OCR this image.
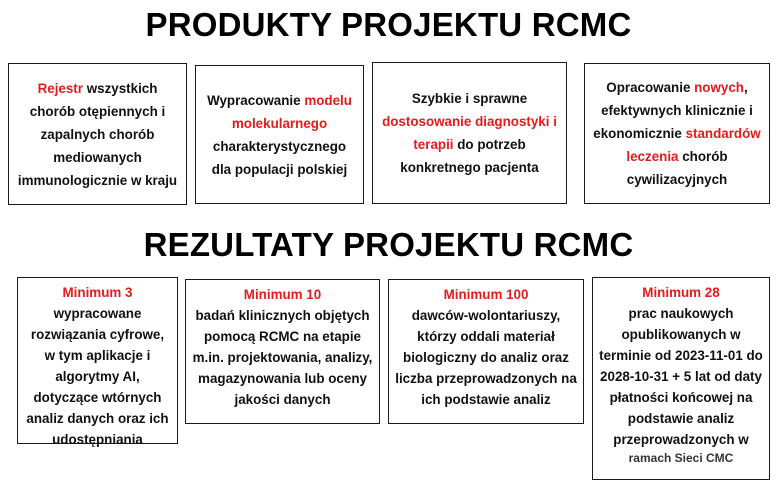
PRODUKTY PROJEKTU RCMC
Rejestr wszystkich chorób otępiennych i zapalnych chorób mediowanych immunologicznie w kraju
Wypracowanie modelu molekularnego charakterystycznego dla populacji polskiej
Szybkie i sprawne dostosowanie diagnostyki i terapii do potrzeb konkretnego pacjenta
Opracowanie nowych, efektywnych klinicznie i ekonomicznie standardów leczenia chorób cywilizacyjnych
REZULTATY PROJEKTU RCMC
Minimum 3
wypracowane rozwiązania cyfrowe, w tym aplikacje i algorytmy AI, dotyczące wtórnych analiz danych oraz ich udostępniania
Minimum 10
badań klinicznych objętych pomocą RCMC na etapie m.in. projektowania, analizy, magazynowania lub oceny jakości danych
Minimum 100
dawców-wolontariuszy, którzy oddali materiał biologiczny do analiz oraz liczba przeprowadzonych na ich podstawie analiz
Minimum 28
prac naukowych opublikowanych w terminie od 2023-11-01 do 2028-10-31 + 5 lat od daty płatności końcowej na podstawie analiz przeprowadzonych w
ramach Sieci CMC
